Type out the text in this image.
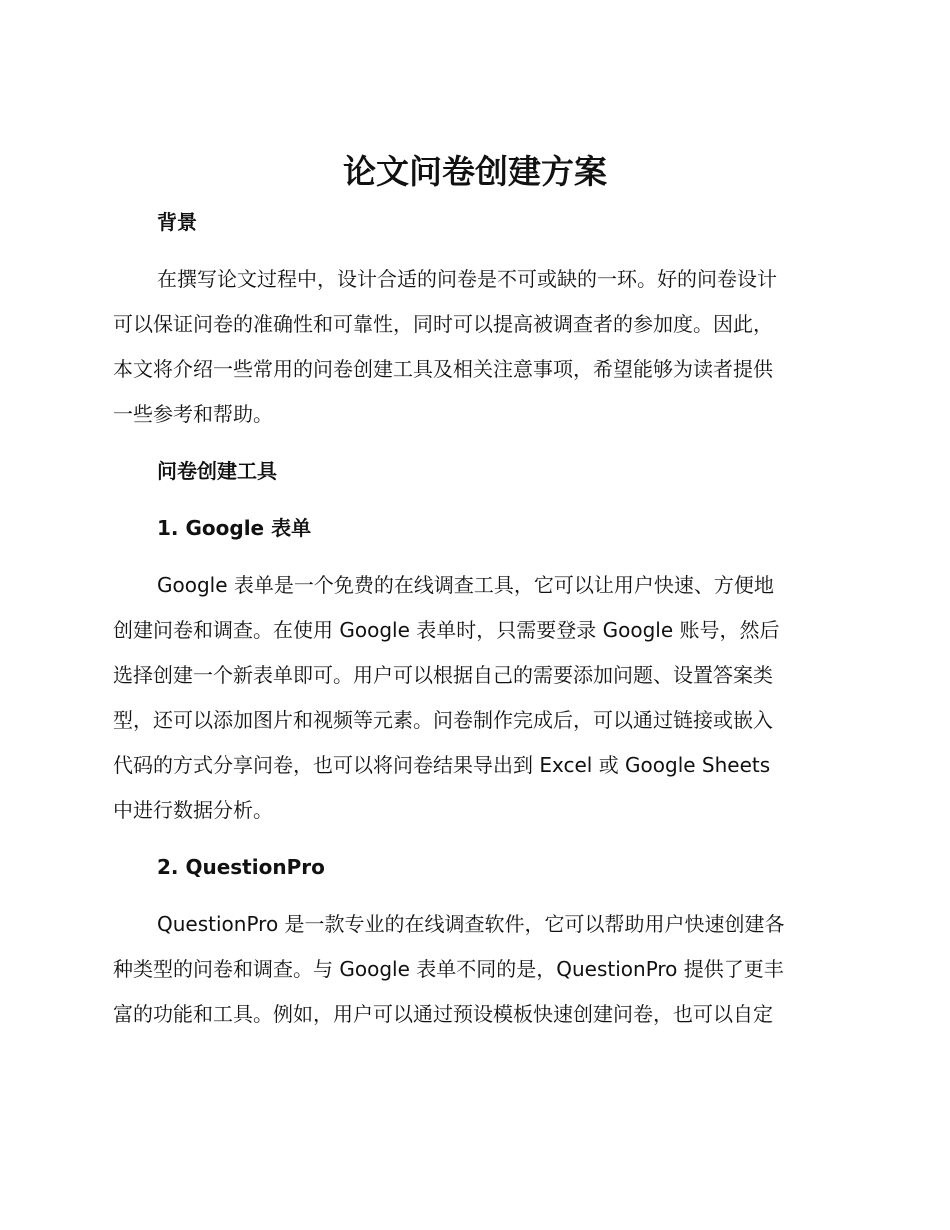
论文问卷创建方案
背景
在撰写论文过程中，设计合适的问卷是不可或缺的一环。好的问卷设计
可以保证问卷的准确性和可靠性，同时可以提高被调查者的参加度。因此，
本文将介绍一些常用的问卷创建工具及相关注意事项，希望能够为读者提供
一些参考和帮助。
问卷创建工具
1. Google 表单
Google 表单是一个免费的在线调查工具，它可以让用户快速、方便地
创建问卷和调查。在使用 Google 表单时，只需要登录 Google 账号，然后
选择创建一个新表单即可。用户可以根据自己的需要添加问题、设置答案类
型，还可以添加图片和视频等元素。问卷制作完成后，可以通过链接或嵌入
代码的方式分享问卷，也可以将问卷结果导出到 Excel 或 Google Sheets
中进行数据分析。
2. QuestionPro
QuestionPro 是一款专业的在线调查软件，它可以帮助用户快速创建各
种类型的问卷和调查。与 Google 表单不同的是，QuestionPro 提供了更丰
富的功能和工具。例如，用户可以通过预设模板快速创建问卷，也可以自定
